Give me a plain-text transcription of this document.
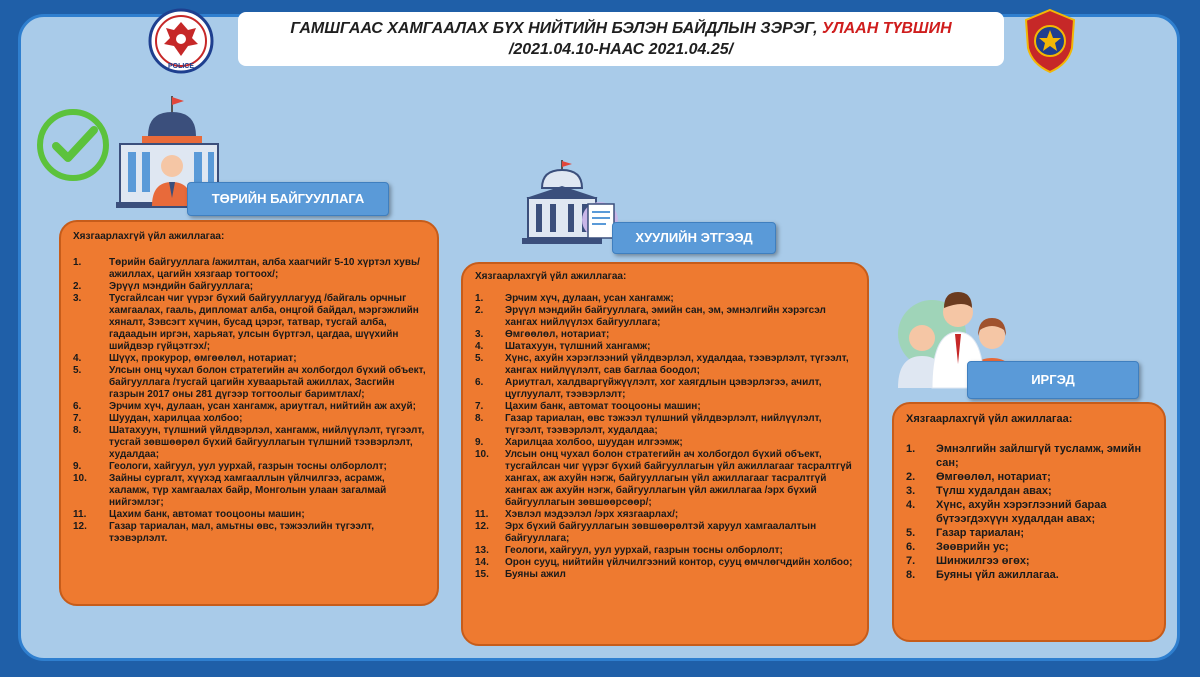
ГАМШГААС ХАМГААЛАХ БҮХ НИЙТИЙН БЭЛЭН БАЙДЛЫН ЗЭРЭГ, УЛААН ТҮВШИН
/2021.04.10-НААС 2021.04.25/
POLICE
ТӨРИЙН БАЙГУУЛЛАГА
ХУУЛИЙН ЭТГЭЭД
ИРГЭД
Хязгаарлахгүй үйл ажиллагаа:
1.	Төрийн байгууллага /ажилтан, алба хаагчийг 5-10 хүртэл хувь/ ажиллах, цагийн хязгаар тогтоох/;
2.	Эрүүл мэндийн байгууллага;
3.	Тусгайлсан чиг үүрэг бүхий байгууллагууд /байгаль орчныг хамгаалах, гааль, дипломат алба, онцгой байдал, мэргэжлийн хяналт, Зэвсэгт хүчин, бусад цэрэг, татвар, тусгай алба, гадаадын иргэн, харьяат, улсын бүртгэл, цагдаа, шүүхийн шийдвэр гүйцэтгэх/;
4.	Шүүх, прокурор, өмгөөлөл, нотариат;
5.	Улсын онц чухал болон стратегийн ач холбогдол бүхий объект, байгууллага /тусгай цагийн хуваарьтай ажиллах, Засгийн газрын 2017 оны 281 дүгээр тогтоолыг баримтлах/;
6.	Эрчим хүч, дулаан, усан хангамж, ариутгал, нийтийн аж ахуй;
7.	Шуудан, харилцаа холбоо;
8.	Шатахуун, түлшний үйлдвэрлэл, хангамж, нийлүүлэлт, түгээлт, тусгай зөвшөөрөл бүхий байгууллагын түлшний тээвэрлэлт, худалдаа;
9.	Геологи, хайгуул, уул уурхай, газрын тосны олборлолт;
10.	Зайны сургалт, хүүхэд хамгааллын үйлчилгээ, асрамж, халамж, түр хамгаалах байр, Монголын улаан загалмай нийгэмлэг;
11.	Цахим банк, автомат тооцооны машин;
12.	Газар тариалан, мал, амьтны өвс, тэжээлийн түгээлт, тээвэрлэлт.
Хязгаарлахгүй үйл ажиллагаа:
1.	Эрчим хүч, дулаан, усан хангамж;
2.	Эрүүл мэндийн байгууллага, эмийн сан, эм, эмнэлгийн хэрэгсэл хангах нийлүүлэх байгууллага;
3.	Өмгөөлөл, нотариат;
4.	Шатахуун, түлшний хангамж;
5.	Хүнс, ахуйн хэрэглээний үйлдвэрлэл, худалдаа, тээвэрлэлт, түгээлт, хангах нийлүүлэлт, сав баглаа боодол;
6.	Ариутгал, халдваргүйжүүлэлт, хог хаягдлын цэвэрлэгээ, ачилт, цуглуулалт, тээвэрлэлт;
7.	Цахим банк, автомат тооцооны машин;
8.	Газар тариалан, өвс тэжээл түлшний үйлдвэрлэлт, нийлүүлэлт, түгээлт, тээвэрлэлт, худалдаа;
9.	Харилцаа холбоо, шуудан илгээмж;
10.	Улсын онц чухал болон стратегийн ач холбогдол бүхий объект, тусгайлсан чиг үүрэг бүхий байгууллагын үйл ажиллагааг тасралтгүй хангах, аж ахуйн нэгж, байгууллагын үйл ажиллагааг тасралтгүй хангах аж ахуйн нэгж, байгууллагын үйл ажиллагаа /эрх бүхий байгууллагын зөвшөөрсөөр/;
11.	Хэвлэл мэдээлэл /эрх хязгаарлах/;
12.	Эрх бүхий байгууллагын зөвшөөрөлтэй харуул хамгаалалтын байгууллага;
13.	Геологи, хайгуул, уул уурхай, газрын тосны олборлолт;
14.	Орон сууц, нийтийн үйлчилгээний контор, сууц өмчлөгчдийн холбоо;
15.	Буяны ажил
Хязгаарлахгүй үйл ажиллагаа:
1.	Эмнэлгийн зайлшгүй тусламж, эмийн сан;
2.	Өмгөөлөл, нотариат;
3.	Түлш худалдан авах;
4.	Хүнс, ахуйн хэрэглээний бараа бүтээгдэхүүн худалдан авах;
5.	Газар тариалан;
6.	Зөөврийн ус;
7.	Шинжилгээ өгөх;
8.	Буяны үйл ажиллагаа.
